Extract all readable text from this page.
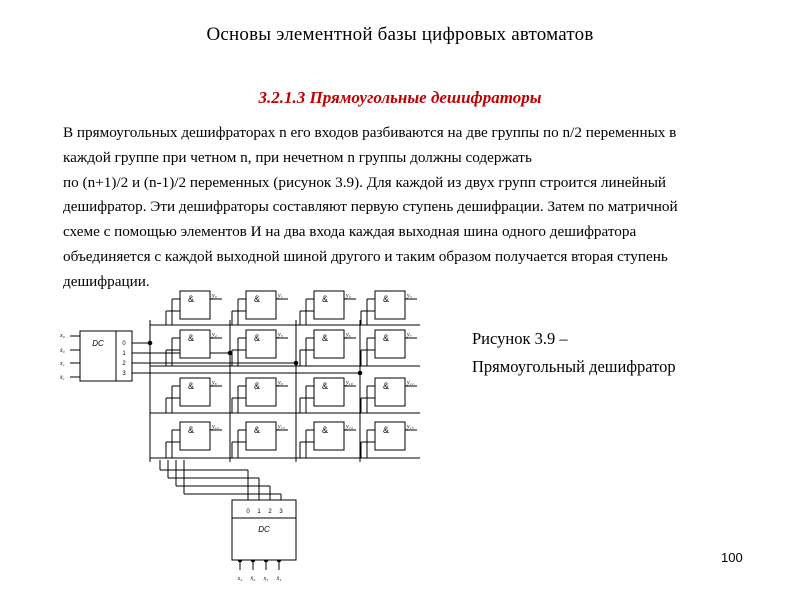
Основы элементной базы цифровых автоматов
3.2.1.3 Прямоугольные дешифраторы
В прямоугольных дешифраторах n его входов разбиваются на две группы по n/2 переменных в
каждой группе при четном n, при нечетном n группы должны содержать
по (n+1)/2 и (n-1)/2 переменных (рисунок 3.9). Для каждой из двух групп строится линейный
дешифратор. Эти дешифраторы составляют первую ступень дешифрации. Затем по матричной
схеме с помощью элементов И на два входа каждая выходная шина одного дешифратора
объединяется с каждой выходной шиной другого и таким образом получается вторая ступень
дешифрации.
DC	0
1
2
3
x₀
x̄₀
x₁
x̄₁
DC
0 1 2 3
x₂ x̄₂ x₃ x̄₃
&	y₀	&	y₁	&	y₂	&	y₃
&	y₄	&	y₅	&	y₆	&	y₇
&	y₈	&	y₉	&	y₁₀	&	y₁₁
&	y₁₂	&	y₁₃	&	y₁₄	&	y₁₅
Рисунок 3.9 –
Прямоугольный дешифратор
100
